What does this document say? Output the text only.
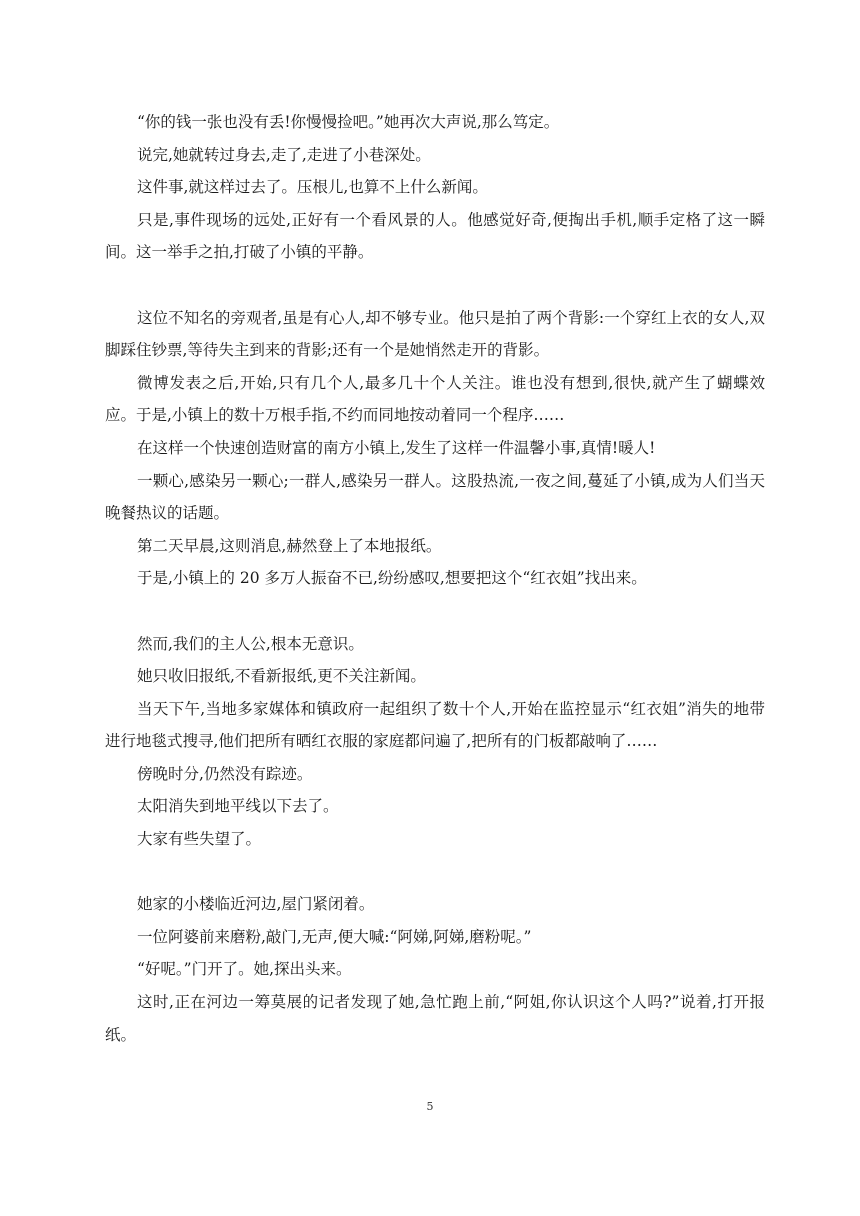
“你的钱一张也没有丢!你慢慢捡吧。”她再次大声说,那么笃定。

说完,她就转过身去,走了,走进了小巷深处。

这件事,就这样过去了。压根儿,也算不上什么新闻。

只是,事件现场的远处,正好有一个看风景的人。他感觉好奇,便掏出手机,顺手定格了这一瞬间。这一举手之拍,打破了小镇的平静。

这位不知名的旁观者,虽是有心人,却不够专业。他只是拍了两个背影:一个穿红上衣的女人,双脚踩住钞票,等待失主到来的背影;还有一个是她悄然走开的背影。

微博发表之后,开始,只有几个人,最多几十个人关注。谁也没有想到,很快,就产生了蝴蝶效应。于是,小镇上的数十万根手指,不约而同地按动着同一个程序……

在这样一个快速创造财富的南方小镇上,发生了这样一件温馨小事,真情!暖人!

一颗心,感染另一颗心;一群人,感染另一群人。这股热流,一夜之间,蔓延了小镇,成为人们当天晚餐热议的话题。

第二天早晨,这则消息,赫然登上了本地报纸。

于是,小镇上的 20 多万人振奋不已,纷纷感叹,想要把这个“红衣姐”找出来。

然而,我们的主人公,根本无意识。

她只收旧报纸,不看新报纸,更不关注新闻。

当天下午,当地多家媒体和镇政府一起组织了数十个人,开始在监控显示“红衣姐”消失的地带进行地毯式搜寻,他们把所有晒红衣服的家庭都问遍了,把所有的门板都敲响了……

傍晚时分,仍然没有踪迹。

太阳消失到地平线以下去了。

大家有些失望了。

她家的小楼临近河边,屋门紧闭着。

一位阿婆前来磨粉,敲门,无声,便大喊:“阿娣,阿娣,磨粉呢。”

“好呢。”门开了。她,探出头来。

这时,正在河边一筹莫展的记者发现了她,急忙跑上前,“阿姐,你认识这个人吗?”说着,打开报纸。

5
